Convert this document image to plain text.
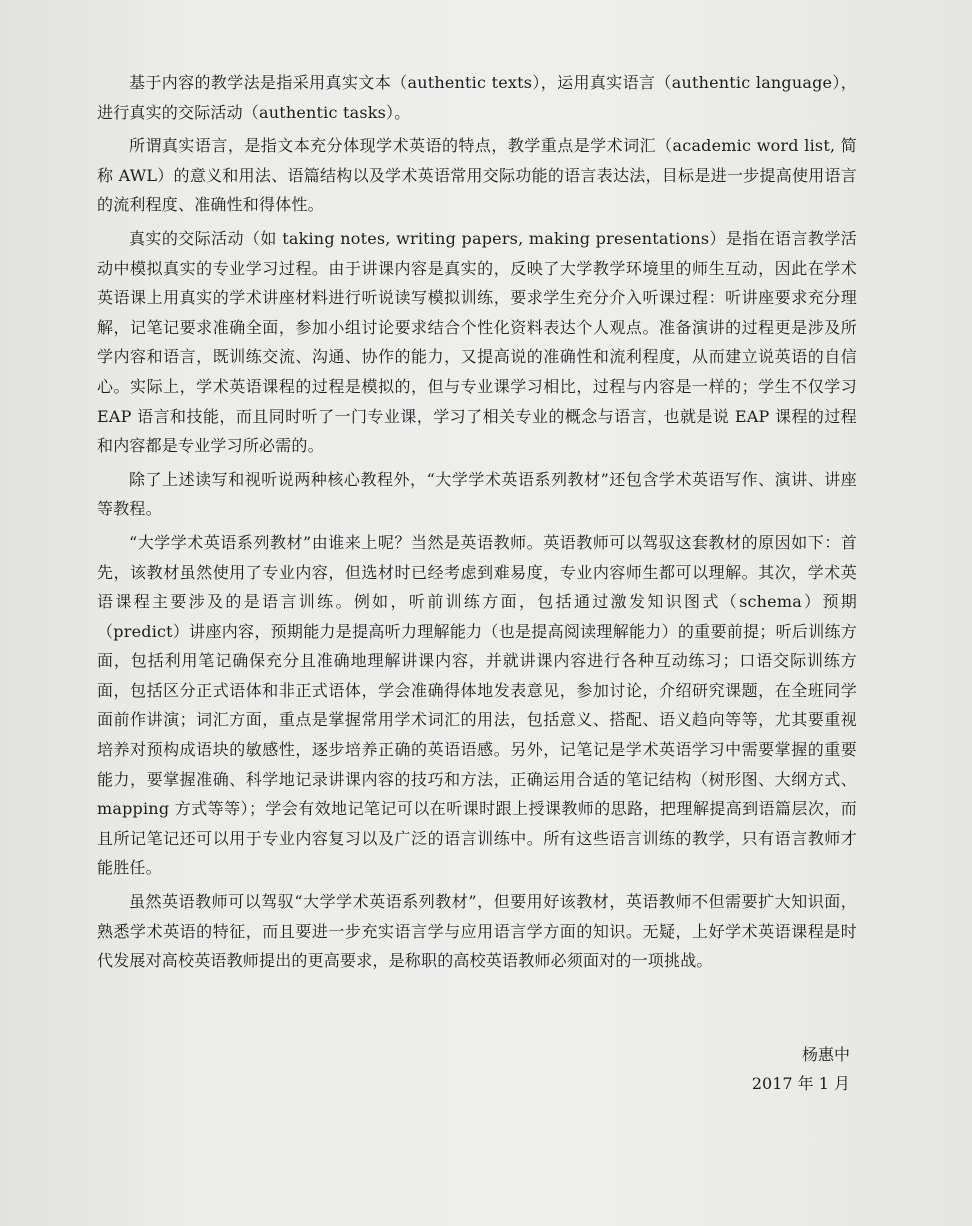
基于内容的教学法是指采用真实文本（authentic texts），运用真实语言（authentic language），进行真实的交际活动（authentic tasks）。

所谓真实语言，是指文本充分体现学术英语的特点，教学重点是学术词汇（academic word list, 简称 AWL）的意义和用法、语篇结构以及学术英语常用交际功能的语言表达法，目标是进一步提高使用语言的流利程度、准确性和得体性。

真实的交际活动（如 taking notes, writing papers, making presentations）是指在语言教学活动中模拟真实的专业学习过程。由于讲课内容是真实的，反映了大学教学环境里的师生互动，因此在学术英语课上用真实的学术讲座材料进行听说读写模拟训练，要求学生充分介入听课过程：听讲座要求充分理解，记笔记要求准确全面，参加小组讨论要求结合个性化资料表达个人观点。准备演讲的过程更是涉及所学内容和语言，既训练交流、沟通、协作的能力，又提高说的准确性和流利程度，从而建立说英语的自信心。实际上，学术英语课程的过程是模拟的，但与专业课学习相比，过程与内容是一样的；学生不仅学习 EAP 语言和技能，而且同时听了一门专业课，学习了相关专业的概念与语言，也就是说 EAP 课程的过程和内容都是专业学习所必需的。

除了上述读写和视听说两种核心教程外，“大学学术英语系列教材”还包含学术英语写作、演讲、讲座等教程。

“大学学术英语系列教材”由谁来上呢？当然是英语教师。英语教师可以驾驭这套教材的原因如下：首先，该教材虽然使用了专业内容，但选材时已经考虑到难易度，专业内容师生都可以理解。其次，学术英语课程主要涉及的是语言训练。例如，听前训练方面，包括通过激发知识图式（schema）预期（predict）讲座内容，预期能力是提高听力理解能力（也是提高阅读理解能力）的重要前提；听后训练方面，包括利用笔记确保充分且准确地理解讲课内容，并就讲课内容进行各种互动练习；口语交际训练方面，包括区分正式语体和非正式语体，学会准确得体地发表意见，参加讨论，介绍研究课题，在全班同学面前作讲演；词汇方面，重点是掌握常用学术词汇的用法，包括意义、搭配、语义趋向等等，尤其要重视培养对预构成语块的敏感性，逐步培养正确的英语语感。另外，记笔记是学术英语学习中需要掌握的重要能力，要掌握准确、科学地记录讲课内容的技巧和方法，正确运用合适的笔记结构（树形图、大纲方式、mapping 方式等等）；学会有效地记笔记可以在听课时跟上授课教师的思路，把理解提高到语篇层次，而且所记笔记还可以用于专业内容复习以及广泛的语言训练中。所有这些语言训练的教学，只有语言教师才能胜任。

虽然英语教师可以驾驭“大学学术英语系列教材”，但要用好该教材，英语教师不但需要扩大知识面，熟悉学术英语的特征，而且要进一步充实语言学与应用语言学方面的知识。无疑，上好学术英语课程是时代发展对高校英语教师提出的更高要求，是称职的高校英语教师必须面对的一项挑战。

杨惠中
2017 年 1 月
